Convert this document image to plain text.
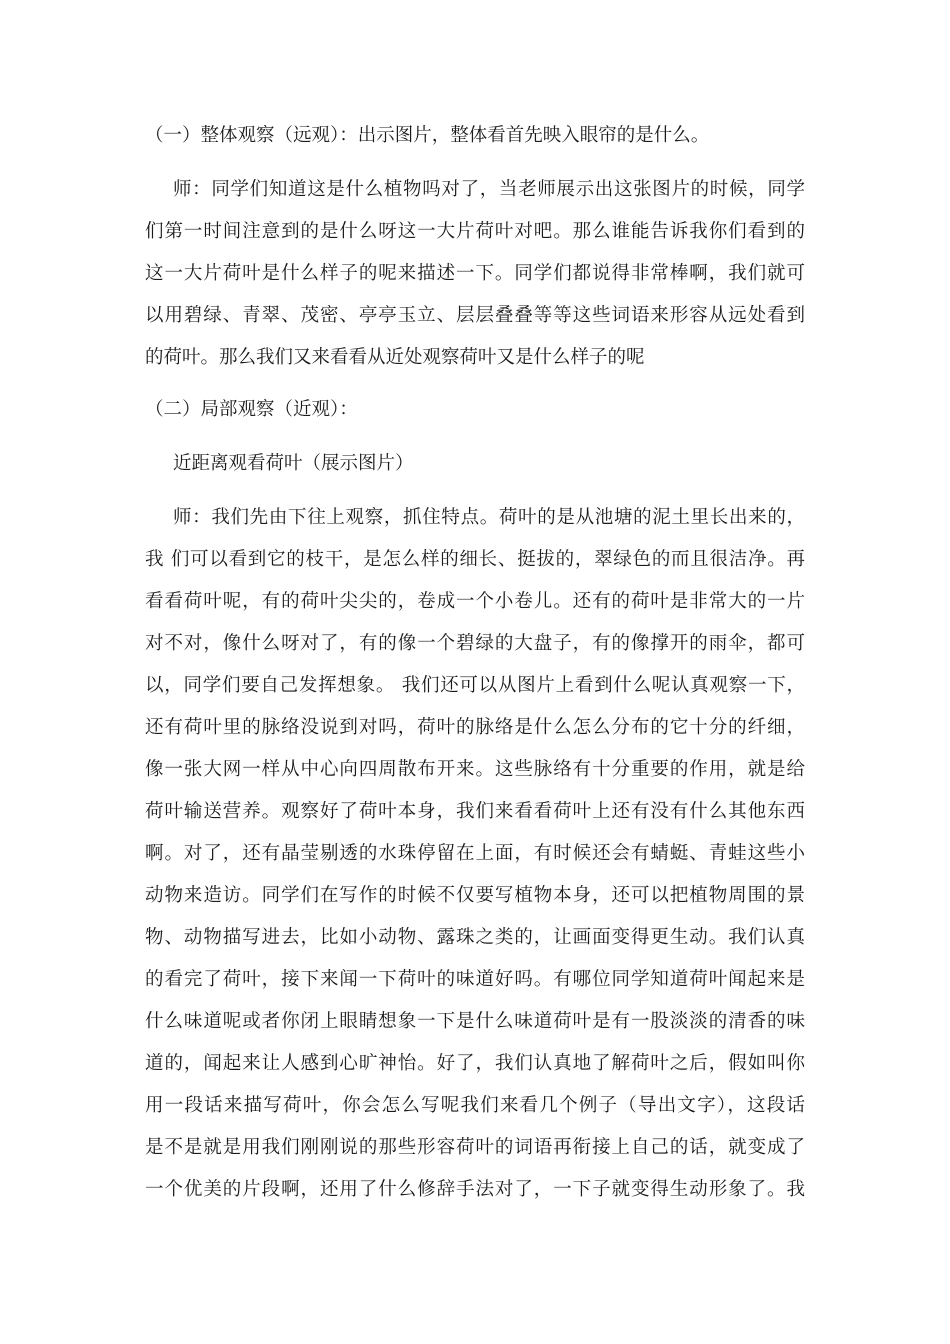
（一）整体观察（远观）：出示图片，整体看首先映入眼帘的是什么。
师：同学们知道这是什么植物吗对了，当老师展示出这张图片的时候，同学
们第一时间注意到的是什么呀这一大片荷叶对吧。那么谁能告诉我你们看到的
这一大片荷叶是什么样子的呢来描述一下。同学们都说得非常棒啊，我们就可
以用碧绿、青翠、茂密、亭亭玉立、层层叠叠等等这些词语来形容从远处看到
的荷叶。那么我们又来看看从近处观察荷叶又是什么样子的呢
（二）局部观察（近观）：
近距离观看荷叶（展示图片）
师：我们先由下往上观察，抓住特点。荷叶的是从池塘的泥土里长出来的，
我 们可以看到它的枝干，是怎么样的细长、挺拔的，翠绿色的而且很洁净。再
看看荷叶呢，有的荷叶尖尖的，卷成一个小卷儿。还有的荷叶是非常大的一片
对不对，像什么呀对了，有的像一个碧绿的大盘子，有的像撑开的雨伞，都可
以，同学们要自己发挥想象。 我们还可以从图片上看到什么呢认真观察一下，
还有荷叶里的脉络没说到对吗，荷叶的脉络是什么怎么分布的它十分的纤细，
像一张大网一样从中心向四周散布开来。这些脉络有十分重要的作用，就是给
荷叶输送营养。观察好了荷叶本身，我们来看看荷叶上还有没有什么其他东西
啊。对了，还有晶莹剔透的水珠停留在上面，有时候还会有蜻蜓、青蛙这些小
动物来造访。同学们在写作的时候不仅要写植物本身，还可以把植物周围的景
物、动物描写进去，比如小动物、露珠之类的，让画面变得更生动。我们认真
的看完了荷叶，接下来闻一下荷叶的味道好吗。有哪位同学知道荷叶闻起来是
什么味道呢或者你闭上眼睛想象一下是什么味道荷叶是有一股淡淡的清香的味
道的，闻起来让人感到心旷神怡。好了，我们认真地了解荷叶之后，假如叫你
用一段话来描写荷叶，你会怎么写呢我们来看几个例子（导出文字），这段话
是不是就是用我们刚刚说的那些形容荷叶的词语再衔接上自己的话，就变成了
一个优美的片段啊，还用了什么修辞手法对了，一下子就变得生动形象了。我
